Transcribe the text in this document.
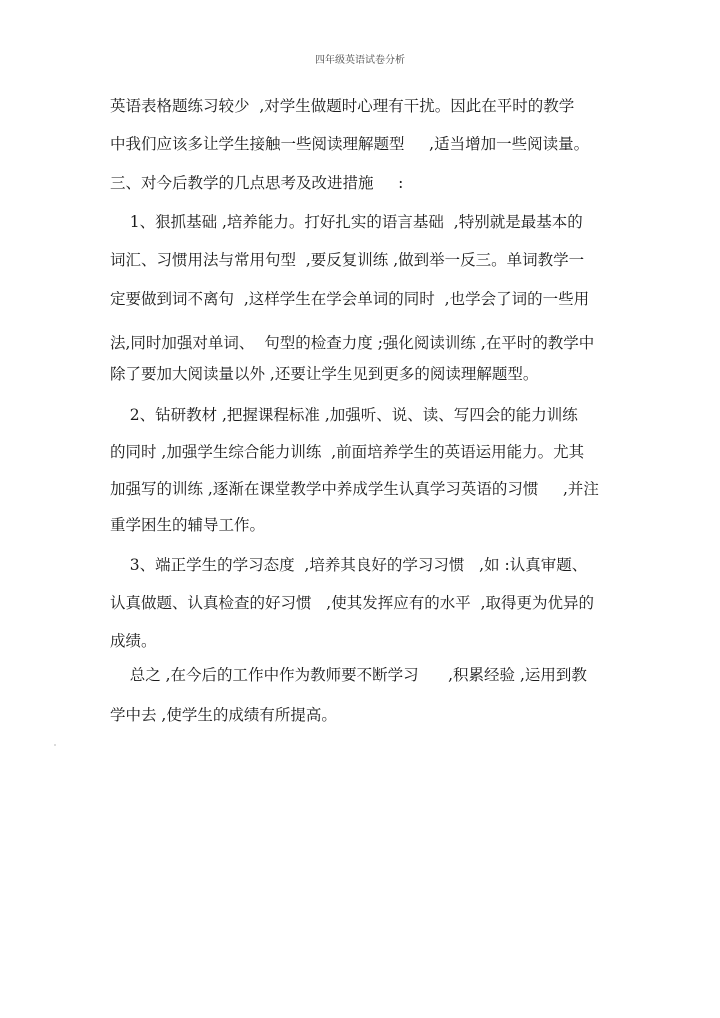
四年级英语试卷分析
英语表格题练习较少  ,对学生做题时心理有干扰。因此在平时的教学
中我们应该多让学生接触一些阅读理解题型     ,适当增加一些阅读量。
三、对今后教学的几点思考及改进措施     :
1、狠抓基础 ,培养能力。打好扎实的语言基础  ,特别就是最基本的
词汇、习惯用法与常用句型  ,要反复训练 ,做到举一反三。单词教学一
定要做到词不离句  ,这样学生在学会单词的同时  ,也学会了词的一些用
法,同时加强对单词、  句型的检查力度 ;强化阅读训练 ,在平时的教学中
除了要加大阅读量以外 ,还要让学生见到更多的阅读理解题型。
2、钻研教材 ,把握课程标准 ,加强听、说、读、写四会的能力训练
的同时 ,加强学生综合能力训练  ,前面培养学生的英语运用能力。尤其
加强写的训练 ,逐渐在课堂教学中养成学生认真学习英语的习惯     ,并注
重学困生的辅导工作。
3、端正学生的学习态度  ,培养其良好的学习习惯   ,如 :认真审题、
认真做题、认真检查的好习惯   ,使其发挥应有的水平  ,取得更为优异的
成绩。
总之 ,在今后的工作中作为教师要不断学习      ,积累经验 ,运用到教
学中去 ,使学生的成绩有所提高。
